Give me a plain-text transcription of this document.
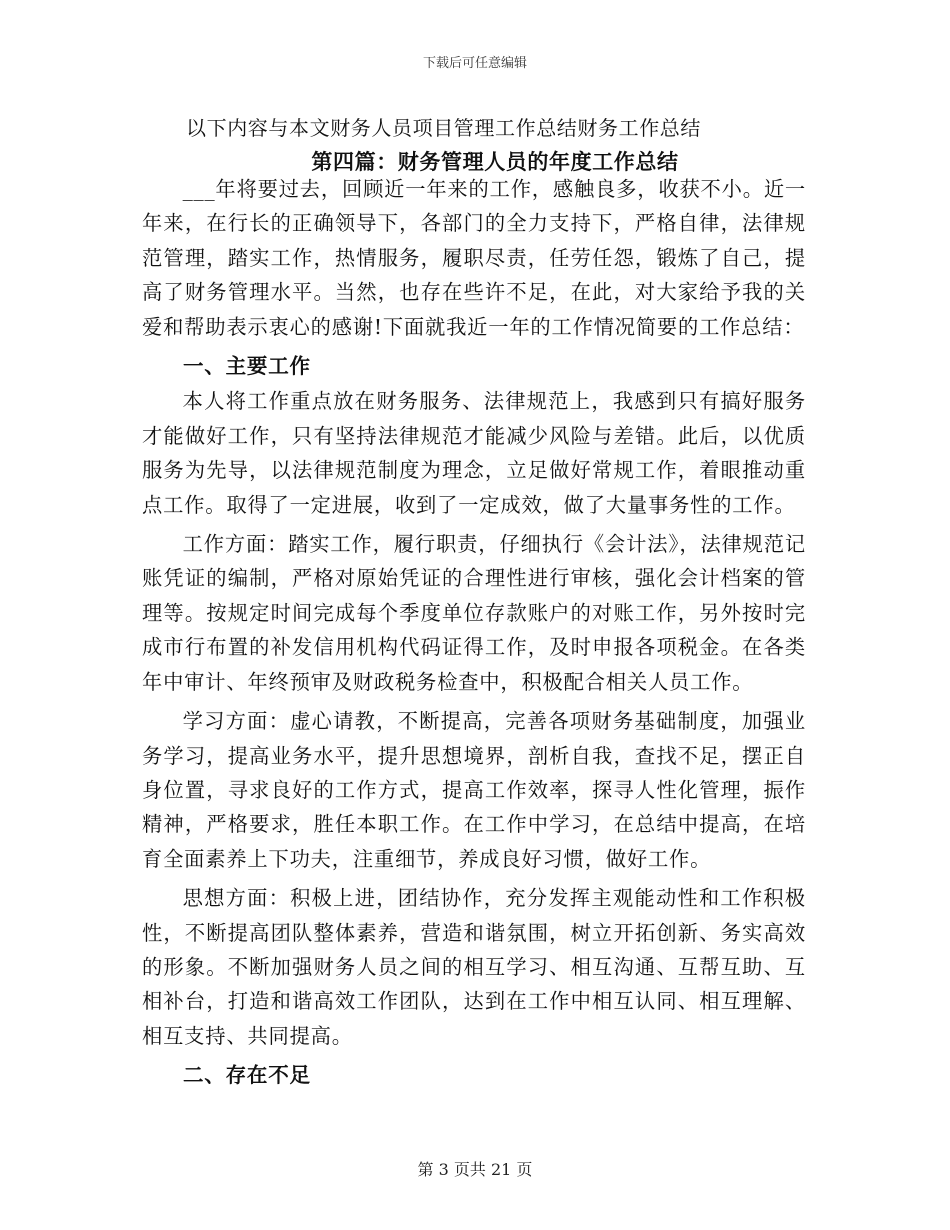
下载后可任意编辑
以下内容与本文财务人员项目管理工作总结财务工作总结
第四篇：财务管理人员的年度工作总结

___年将要过去，回顾近一年来的工作，感触良多，收获不小。近一年来，在行长的正确领导下，各部门的全力支持下，严格自律，法律规范管理，踏实工作，热情服务，履职尽责，任劳任怨，锻炼了自己，提高了财务管理水平。当然，也存在些许不足，在此，对大家给予我的关爱和帮助表示衷心的感谢!下面就我近一年的工作情况简要的工作总结：

一、主要工作

本人将工作重点放在财务服务、法律规范上，我感到只有搞好服务才能做好工作，只有坚持法律规范才能减少风险与差错。此后，以优质服务为先导，以法律规范制度为理念，立足做好常规工作，着眼推动重点工作。取得了一定进展，收到了一定成效，做了大量事务性的工作。

工作方面：踏实工作，履行职责，仔细执行《会计法》，法律规范记账凭证的编制，严格对原始凭证的合理性进行审核，强化会计档案的管理等。按规定时间完成每个季度单位存款账户的对账工作，另外按时完成市行布置的补发信用机构代码证得工作，及时申报各项税金。在各类年中审计、年终预审及财政税务检查中，积极配合相关人员工作。

学习方面：虚心请教，不断提高，完善各项财务基础制度，加强业务学习，提高业务水平，提升思想境界，剖析自我，查找不足，摆正自身位置，寻求良好的工作方式，提高工作效率，探寻人性化管理，振作精神，严格要求，胜任本职工作。在工作中学习，在总结中提高，在培育全面素养上下功夫，注重细节，养成良好习惯，做好工作。

思想方面：积极上进，团结协作，充分发挥主观能动性和工作积极性，不断提高团队整体素养，营造和谐氛围，树立开拓创新、务实高效的形象。不断加强财务人员之间的相互学习、相互沟通、互帮互助、互相补台，打造和谐高效工作团队，达到在工作中相互认同、相互理解、相互支持、共同提高。

二、存在不足

第 3 页共 21 页
